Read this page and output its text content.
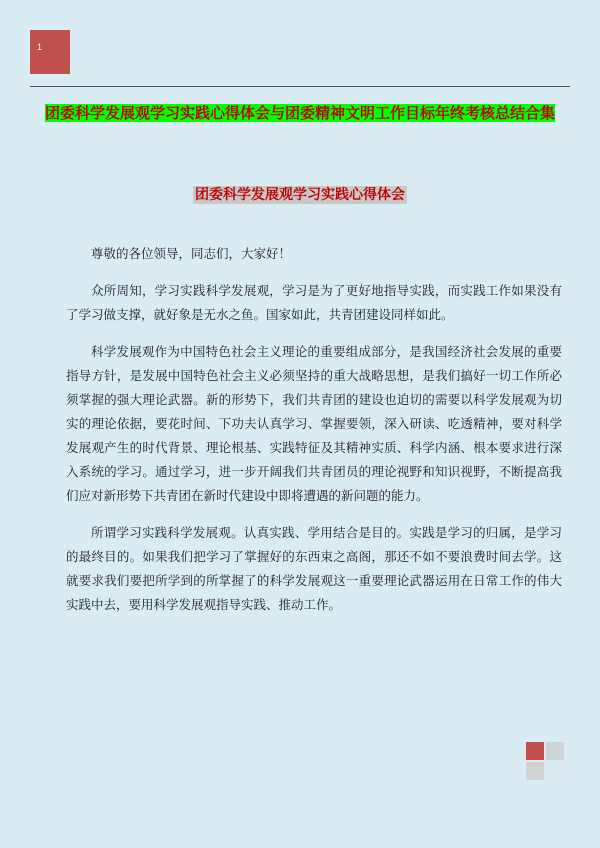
1
团委科学发展观学习实践心得体会与团委精神文明工作目标年终考核总结合集
团委科学发展观学习实践心得体会

尊敬的各位领导，同志们，大家好！

众所周知，学习实践科学发展观，学习是为了更好地指导实践，而实践工作如果没有了学习做支撑，就好象是无水之鱼。国家如此，共青团建设同样如此。

科学发展观作为中国特色社会主义理论的重要组成部分，是我国经济社会发展的重要指导方针，是发展中国特色社会主义必须坚持的重大战略思想，是我们搞好一切工作所必须掌握的强大理论武器。新的形势下，我们共青团的建设也迫切的需要以科学发展观为切实的理论依据，要花时间、下功夫认真学习、掌握要领，深入研读、吃透精神，要对科学发展观产生的时代背景、理论根基、实践特征及其精神实质、科学内涵、根本要求进行深入系统的学习。通过学习，进一步开阔我们共青团员的理论视野和知识视野，不断提高我们应对新形势下共青团在新时代建设中即将遭遇的新问题的能力。

所谓学习实践科学发展观。认真实践、学用结合是目的。实践是学习的归属，是学习的最终目的。如果我们把学习了掌握好的东西束之高阁，那还不如不要浪费时间去学。这就要求我们要把所学到的所掌握了的科学发展观这一重要理论武器运用在日常工作的伟大实践中去，要用科学发展观指导实践、推动工作。
